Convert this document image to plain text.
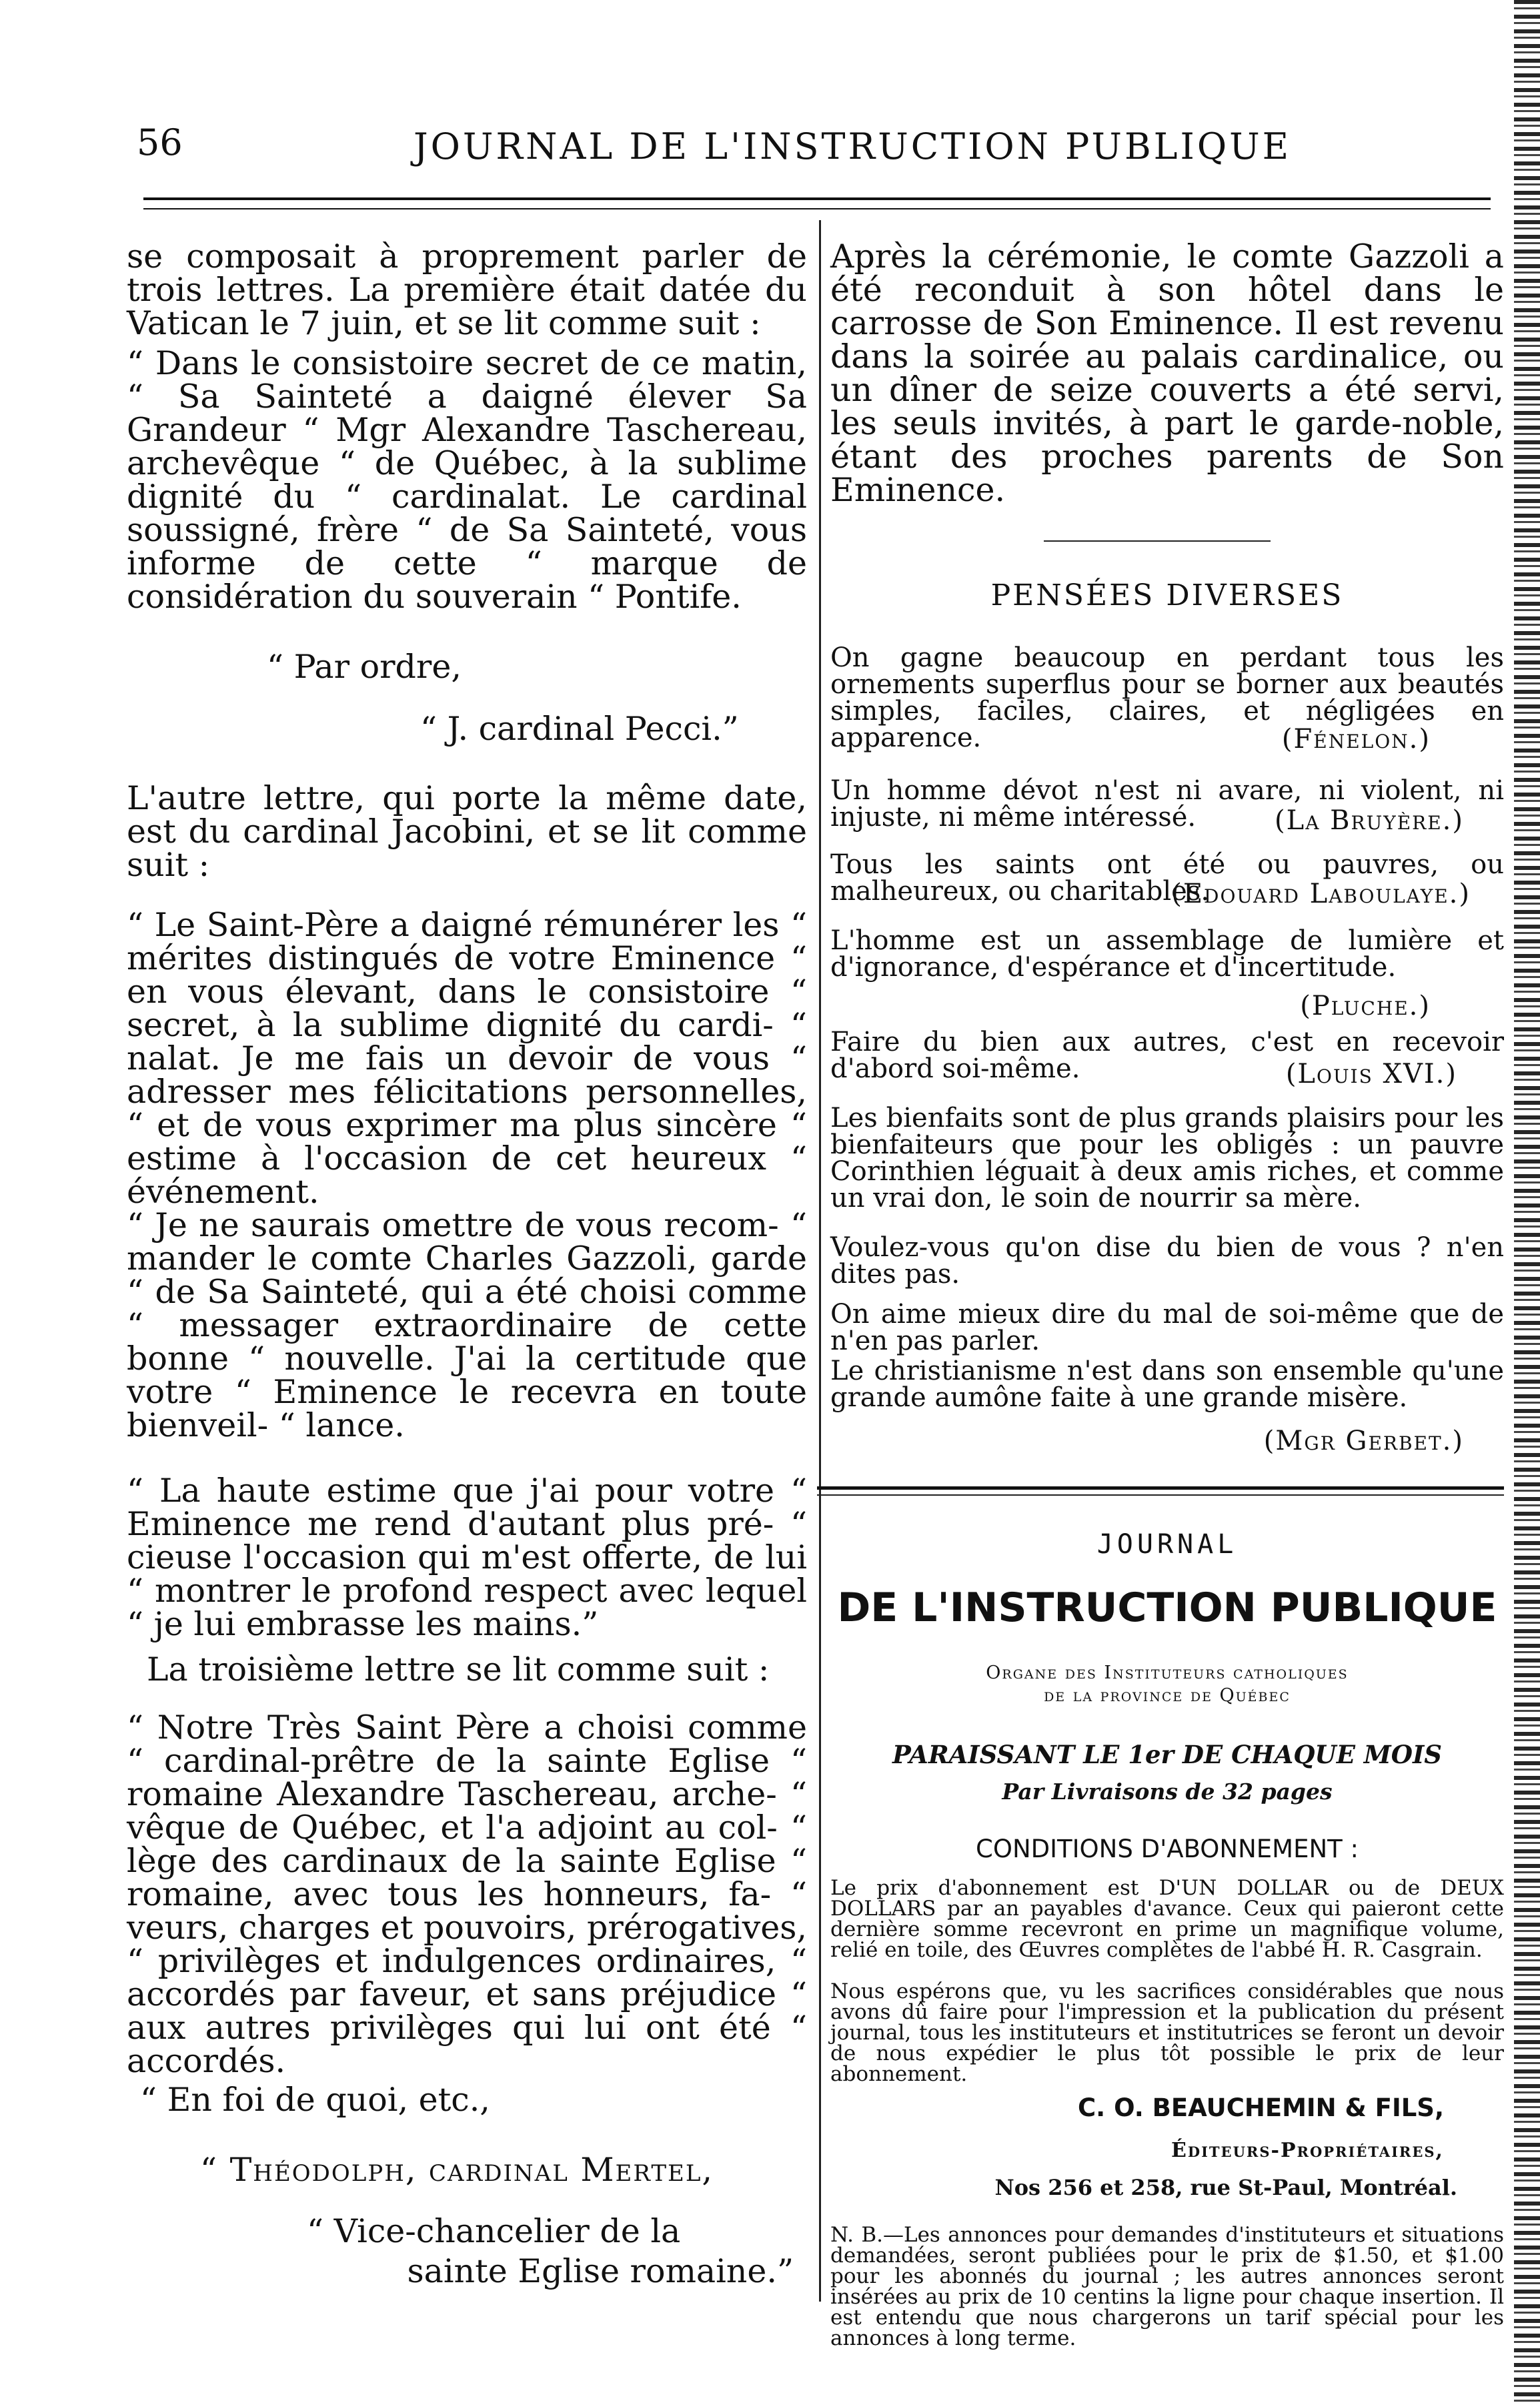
56	JOURNAL DE L'INSTRUCTION PUBLIQUE

se composait à proprement parler de trois lettres. La première était datée du Vatican le 7 juin, et se lit comme suit :

“ Dans le consistoire secret de ce matin, “ Sa Sainteté a daigné élever Sa Grandeur “ Mgr Alexandre Taschereau, archevêque “ de Québec, à la sublime dignité du “ cardinalat. Le cardinal soussigné, frère “ de Sa Sainteté, vous informe de cette “ marque de considération du souverain “ Pontife.

“ Par ordre,

“ J. cardinal Pecci.”

L'autre lettre, qui porte la même date, est du cardinal Jacobini, et se lit comme suit :

“ Le Saint-Père a daigné rémunérer les “ mérites distingués de votre Eminence “ en vous élevant, dans le consistoire “ secret, à la sublime dignité du cardi- “ nalat. Je me fais un devoir de vous “ adresser mes félicitations personnelles, “ et de vous exprimer ma plus sincère “ estime à l'occasion de cet heureux “ événement.

“ Je ne saurais omettre de vous recom- “ mander le comte Charles Gazzoli, garde “ de Sa Sainteté, qui a été choisi comme “ messager extraordinaire de cette bonne “ nouvelle. J'ai la certitude que votre “ Eminence le recevra en toute bienveil- “ lance.

“ La haute estime que j'ai pour votre “ Eminence me rend d'autant plus pré- “ cieuse l'occasion qui m'est offerte, de lui “ montrer le profond respect avec lequel “ je lui embrasse les mains.”

La troisième lettre se lit comme suit :

“ Notre Très Saint Père a choisi comme “ cardinal-prêtre de la sainte Eglise “ romaine Alexandre Taschereau, arche- “ vêque de Québec, et l'a adjoint au col- “ lège des cardinaux de la sainte Eglise “ romaine, avec tous les honneurs, fa- “ veurs, charges et pouvoirs, prérogatives, “ privilèges et indulgences ordinaires, “ accordés par faveur, et sans préjudice “ aux autres privilèges qui lui ont été “ accordés.

“ En foi de quoi, etc.,

“ Théodolph, cardinal Mertel,

“ Vice-chancelier de la

sainte Eglise romaine.”

Après la cérémonie, le comte Gazzoli a été reconduit à son hôtel dans le carrosse de Son Eminence. Il est revenu dans la soirée au palais cardinalice, ou un dîner de seize couverts a été servi, les seuls invités, à part le garde-noble, étant des proches parents de Son Eminence.

PENSÉES DIVERSES

On gagne beaucoup en perdant tous les ornements superflus pour se borner aux beautés simples, faciles, claires, et négligées en apparence.	(Fénelon.)

Un homme dévot n'est ni avare, ni violent, ni injuste, ni même intéressé.	(La Bruyère.)

Tous les saints ont été ou pauvres, ou malheureux, ou charitables.

(Edouard Laboulaye.)

L'homme est un assemblage de lumière et d'ignorance, d'espérance et d'incertitude.

(Pluche.)

Faire du bien aux autres, c'est en recevoir d'abord soi-même.	(Louis XVI.)

Les bienfaits sont de plus grands plaisirs pour les bienfaiteurs que pour les obligés : un pauvre Corinthien léguait à deux amis riches, et comme un vrai don, le soin de nourrir sa mère.

Voulez-vous qu'on dise du bien de vous ? n'en dites pas.

On aime mieux dire du mal de soi-même que de n'en pas parler.

Le christianisme n'est dans son ensemble qu'une grande aumône faite à une grande misère.

(Mgr Gerbet.)

JOURNAL

DE L'INSTRUCTION PUBLIQUE

Organe des Instituteurs catholiques

de la province de Québec

PARAISSANT LE 1er DE CHAQUE MOIS

Par Livraisons de 32 pages

CONDITIONS D'ABONNEMENT :

Le prix d'abonnement est D'UN DOLLAR ou de DEUX DOLLARS par an payables d'avance. Ceux qui paieront cette dernière somme recevront en prime un magnifique volume, relié en toile, des Œuvres complètes de l'abbé H. R. Casgrain.

Nous espérons que, vu les sacrifices considérables que nous avons dû faire pour l'impression et la publication du présent journal, tous les instituteurs et institutrices se feront un devoir de nous expédier le plus tôt possible le prix de leur abonnement.

C. O. BEAUCHEMIN & FILS,

Éditeurs-Propriétaires,

Nos 256 et 258, rue St-Paul, Montréal.

N. B.—Les annonces pour demandes d'instituteurs et situations demandées, seront publiées pour le prix de $1.50, et $1.00 pour les abonnés du journal ; les autres annonces seront insérées au prix de 10 centins la ligne pour chaque insertion. Il est entendu que nous chargerons un tarif spécial pour les annonces à long terme.
